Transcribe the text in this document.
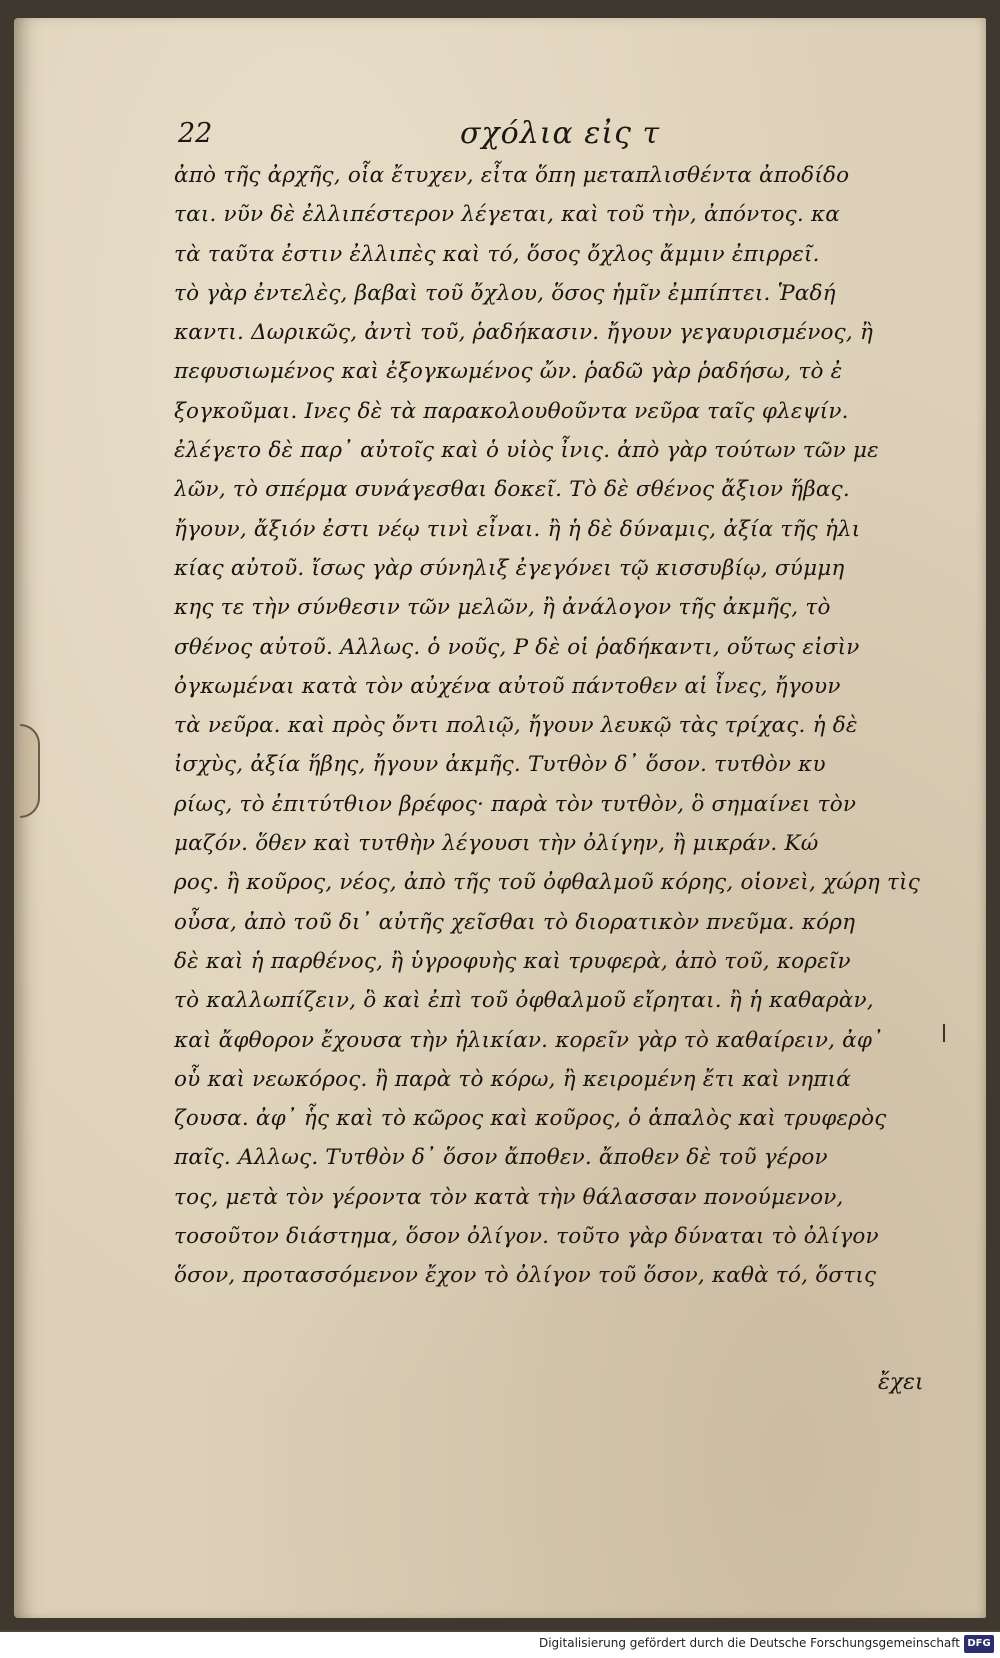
22	σχόλια εἰς τ
ἀπὸ τῆς ἀρχῆς, οἷα ἔτυχεν, εἶτα ὅπη μεταπλισθέντα ἀποδίδο
ται. νῦν δὲ ἐλλιπέστερον λέγεται, καὶ τοῦ τὴν, ἀπόντος. κα
τὰ ταῦτα ἐστιν ἐλλιπὲς καὶ τό, ὅσος ὄχλος ἄμμιν ἐπιρρεῖ.
τὸ γὰρ ἐντελὲς, βαβαὶ τοῦ ὄχλου, ὅσος ἡμῖν ἐμπίπτει. Ῥαδή
καντι. Δωρικῶς, ἀντὶ τοῦ, ῥαδήκασιν. ἤγουν γεγαυρισμένος, ἢ
πεφυσιωμένος καὶ ἐξογκωμένος ὤν. ῥαδῶ γὰρ ῥαδήσω, τὸ ἐ
ξογκοῦμαι. Ινες δὲ τὰ παρακολουθοῦντα νεῦρα ταῖς φλεψίν.
ἐλέγετο δὲ παρ᾽ αὐτοῖς καὶ ὁ υἱὸς ἶνις. ἀπὸ γὰρ τούτων τῶν με
λῶν, τὸ σπέρμα συνάγεσθαι δοκεῖ. Τὸ δὲ σθένος ἄξιον ἥβας.
ἤγουν, ἄξιόν ἐστι νέῳ τινὶ εἶναι. ἢ ἡ δὲ δύναμις, ἀξία τῆς ἡλι
κίας αὐτοῦ. ἴσως γὰρ σύνηλιξ ἐγεγόνει τῷ κισσυβίῳ, σύμμη
κης τε τὴν σύνθεσιν τῶν μελῶν, ἢ ἀνάλογον τῆς ἀκμῆς, τὸ
σθένος αὐτοῦ. Αλλως. ὁ νοῦς, Ρ δὲ οἱ ῥαδήκαντι, οὕτως εἰσὶν
ὀγκωμέναι κατὰ τὸν αὐχένα αὐτοῦ πάντοθεν αἱ ἶνες, ἤγουν
τὰ νεῦρα. καὶ πρὸς ὄντι πολιῷ, ἤγουν λευκῷ τὰς τρίχας. ἡ δὲ
ἰσχὺς, ἀξία ἥβης, ἤγουν ἀκμῆς. Τυτθὸν δ᾽ ὅσον. τυτθὸν κυ
ρίως, τὸ ἐπιτύτθιον βρέφος· παρὰ τὸν τυτθὸν, ὃ σημαίνει τὸν
μαζόν. ὅθεν καὶ τυτθὴν λέγουσι τὴν ὀλίγην, ἢ μικράν. Κώ
ρος. ἢ κοῦρος, νέος, ἀπὸ τῆς τοῦ ὀφθαλμοῦ κόρης, οἱονεὶ, χώρη τὶς
οὖσα, ἀπὸ τοῦ δι᾽ αὐτῆς χεῖσθαι τὸ διορατικὸν πνεῦμα. κόρη
δὲ καὶ ἡ παρθένος, ἢ ὑγροφυὴς καὶ τρυφερὰ, ἀπὸ τοῦ, κορεῖν
τὸ καλλωπίζειν, ὃ καὶ ἐπὶ τοῦ ὀφθαλμοῦ εἴρηται. ἢ ἡ καθαρὰν,
καὶ ἄφθορον ἔχουσα τὴν ἡλικίαν. κορεῖν γὰρ τὸ καθαίρειν, ἀφ᾽
οὗ καὶ νεωκόρος. ἢ παρὰ τὸ κόρω, ἢ κειρομένη ἔτι καὶ νηπιά
ζουσα. ἀφ᾽ ἧς καὶ τὸ κῶρος καὶ κοῦρος, ὁ ἁπαλὸς καὶ τρυφερὸς
παῖς. Αλλως. Τυτθὸν δ᾽ ὅσον ἄποθεν. ἄποθεν δὲ τοῦ γέρον
τος, μετὰ τὸν γέροντα τὸν κατὰ τὴν θάλασσαν πονούμενον,
τοσοῦτον διάστημα, ὅσον ὀλίγον. τοῦτο γὰρ δύναται τὸ ὀλίγον
ὅσον, προτασσόμενον ἔχον τὸ ὀλίγον τοῦ ὅσον, καθὰ τό, ὅστις
ἔχει
Digitalisierung gefördert durch die Deutsche Forschungsgemeinschaft DFG
